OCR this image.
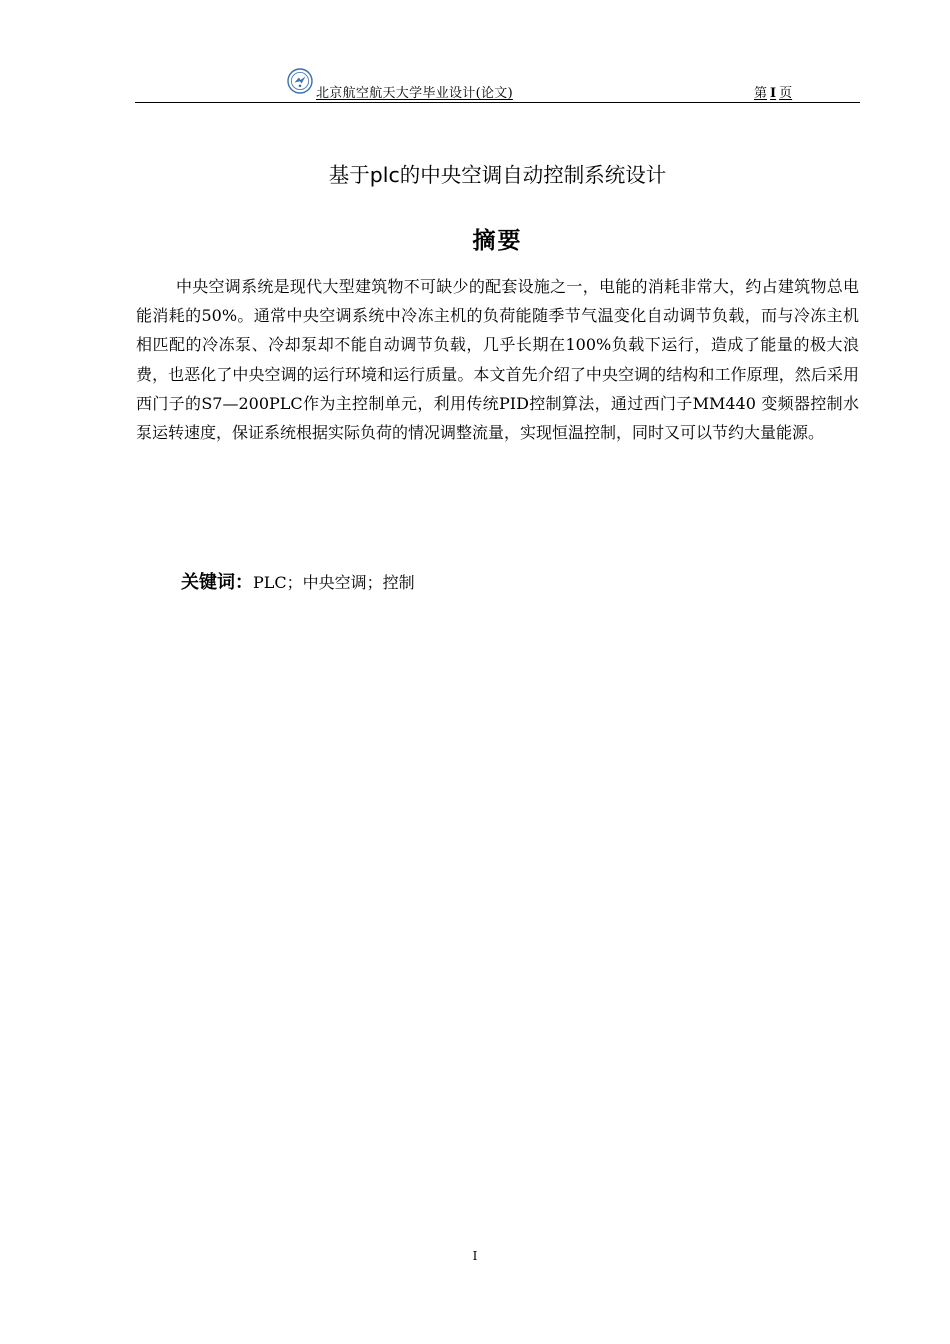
北京航空航天大学毕业设计(论文)	第 I 页
基于plc的中央空调自动控制系统设计
摘要

中央空调系统是现代大型建筑物不可缺少的配套设施之一，电能的消耗非常大，约占建筑物总电能消耗的50%。通常中央空调系统中冷冻主机的负荷能随季节气温变化自动调节负载，而与冷冻主机相匹配的冷冻泵、冷却泵却不能自动调节负载，几乎长期在100%负载下运行，造成了能量的极大浪费，也恶化了中央空调的运行环境和运行质量。本文首先介绍了中央空调的结构和工作原理，然后采用西门子的S7—200PLC作为主控制单元，利用传统PID控制算法，通过西门子MM440 变频器控制水泵运转速度，保证系统根据实际负荷的情况调整流量，实现恒温控制，同时又可以节约大量能源。

关键词：PLC；中央空调；控制
I
